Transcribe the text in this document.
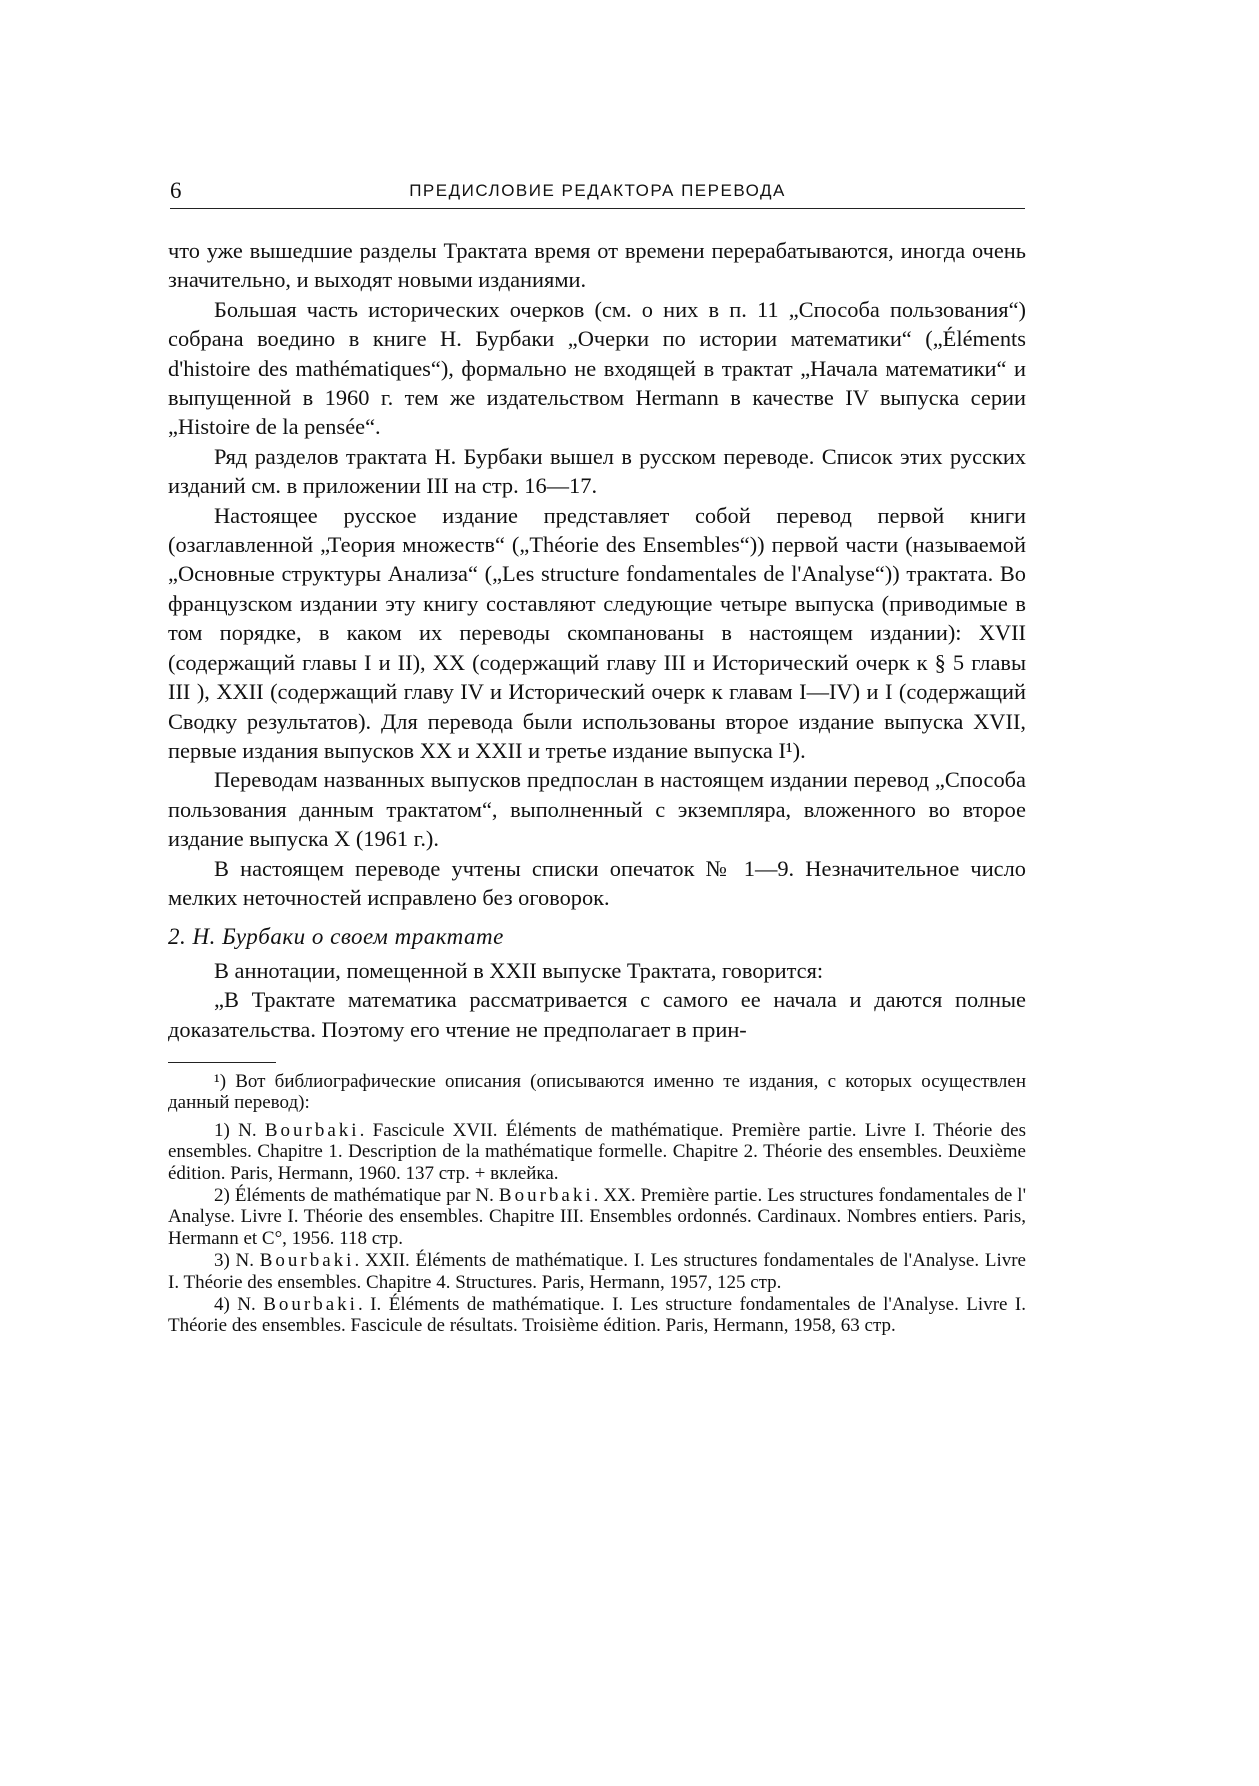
6	ПРЕДИСЛОВИЕ РЕДАКТОРА ПЕРЕВОДА

что уже вышедшие разделы Трактата время от времени перерабатываются, иногда очень значительно, и выходят новыми изданиями.

Большая часть исторических очерков (см. о них в п. 11 „Способа пользования“) собрана воедино в книге Н. Бурбаки „Очерки по истории математики“ („Éléments d'histoire des mathématiques“), формально не входящей в трактат „Начала математики“ и выпущенной в 1960 г. тем же издательством Hermann в качестве IV выпуска серии „Histoire de la pensée“.

Ряд разделов трактата Н. Бурбаки вышел в русском переводе. Список этих русских изданий см. в приложении III на стр. 16—17.

Настоящее русское издание представляет собой перевод первой книги (озаглавленной „Теория множеств“ („Théorie des Ensembles“)) первой части (называемой „Основные структуры Анализа“ („Les structure fondamentales de l'Analyse“)) трактата. Во французском издании эту книгу составляют следующие четыре выпуска (приводимые в том порядке, в каком их переводы скомпанованы в настоящем издании): XVII (содержащий главы I и II), XX (содержащий главу III и Исторический очерк к § 5 главы III ), XXII (содержащий главу IV и Исторический очерк к главам I—IV) и I (содержащий Сводку результатов). Для перевода были использованы второе издание выпуска XVII, первые издания выпусков XX и XXII и третье издание выпуска I¹).

Переводам названных выпусков предпослан в настоящем издании перевод „Способа пользования данным трактатом“, выполненный с экземпляра, вложенного во второе издание выпуска X (1961 г.).

В настоящем переводе учтены списки опечаток № 1—9. Незначительное число мелких неточностей исправлено без оговорок.

2. Н. Бурбаки о своем трактате

В аннотации, помещенной в XXII выпуске Трактата, говорится:

„В Трактате математика рассматривается с самого ее начала и даются полные доказательства. Поэтому его чтение не предполагает в прин-

¹) Вот библиографические описания (описываются именно те издания, с которых осуществлен данный перевод):

1) N. Bourbaki. Fascicule XVII. Éléments de mathématique. Première partie. Livre I. Théorie des ensembles. Chapitre 1. Description de la mathématique formelle. Chapitre 2. Théorie des ensembles. Deuxième édition. Paris, Hermann, 1960. 137 стр. + вклейка.

2) Éléments de mathématique par N. Bourbaki. XX. Première partie. Les structures fondamentales de l' Analyse. Livre I. Théorie des ensembles. Chapitre III. Ensembles ordonnés. Cardinaux. Nombres entiers. Paris, Hermann et C°, 1956. 118 стр.

3) N. Bourbaki. XXII. Éléments de mathématique. I. Les structures fondamentales de l'Analyse. Livre I. Théorie des ensembles. Chapitre 4. Structures. Paris, Hermann, 1957, 125 стр.

4) N. Bourbaki. I. Éléments de mathématique. I. Les structure fondamentales de l'Analyse. Livre I. Théorie des ensembles. Fascicule de résultats. Troisième édition. Paris, Hermann, 1958, 63 стр.
